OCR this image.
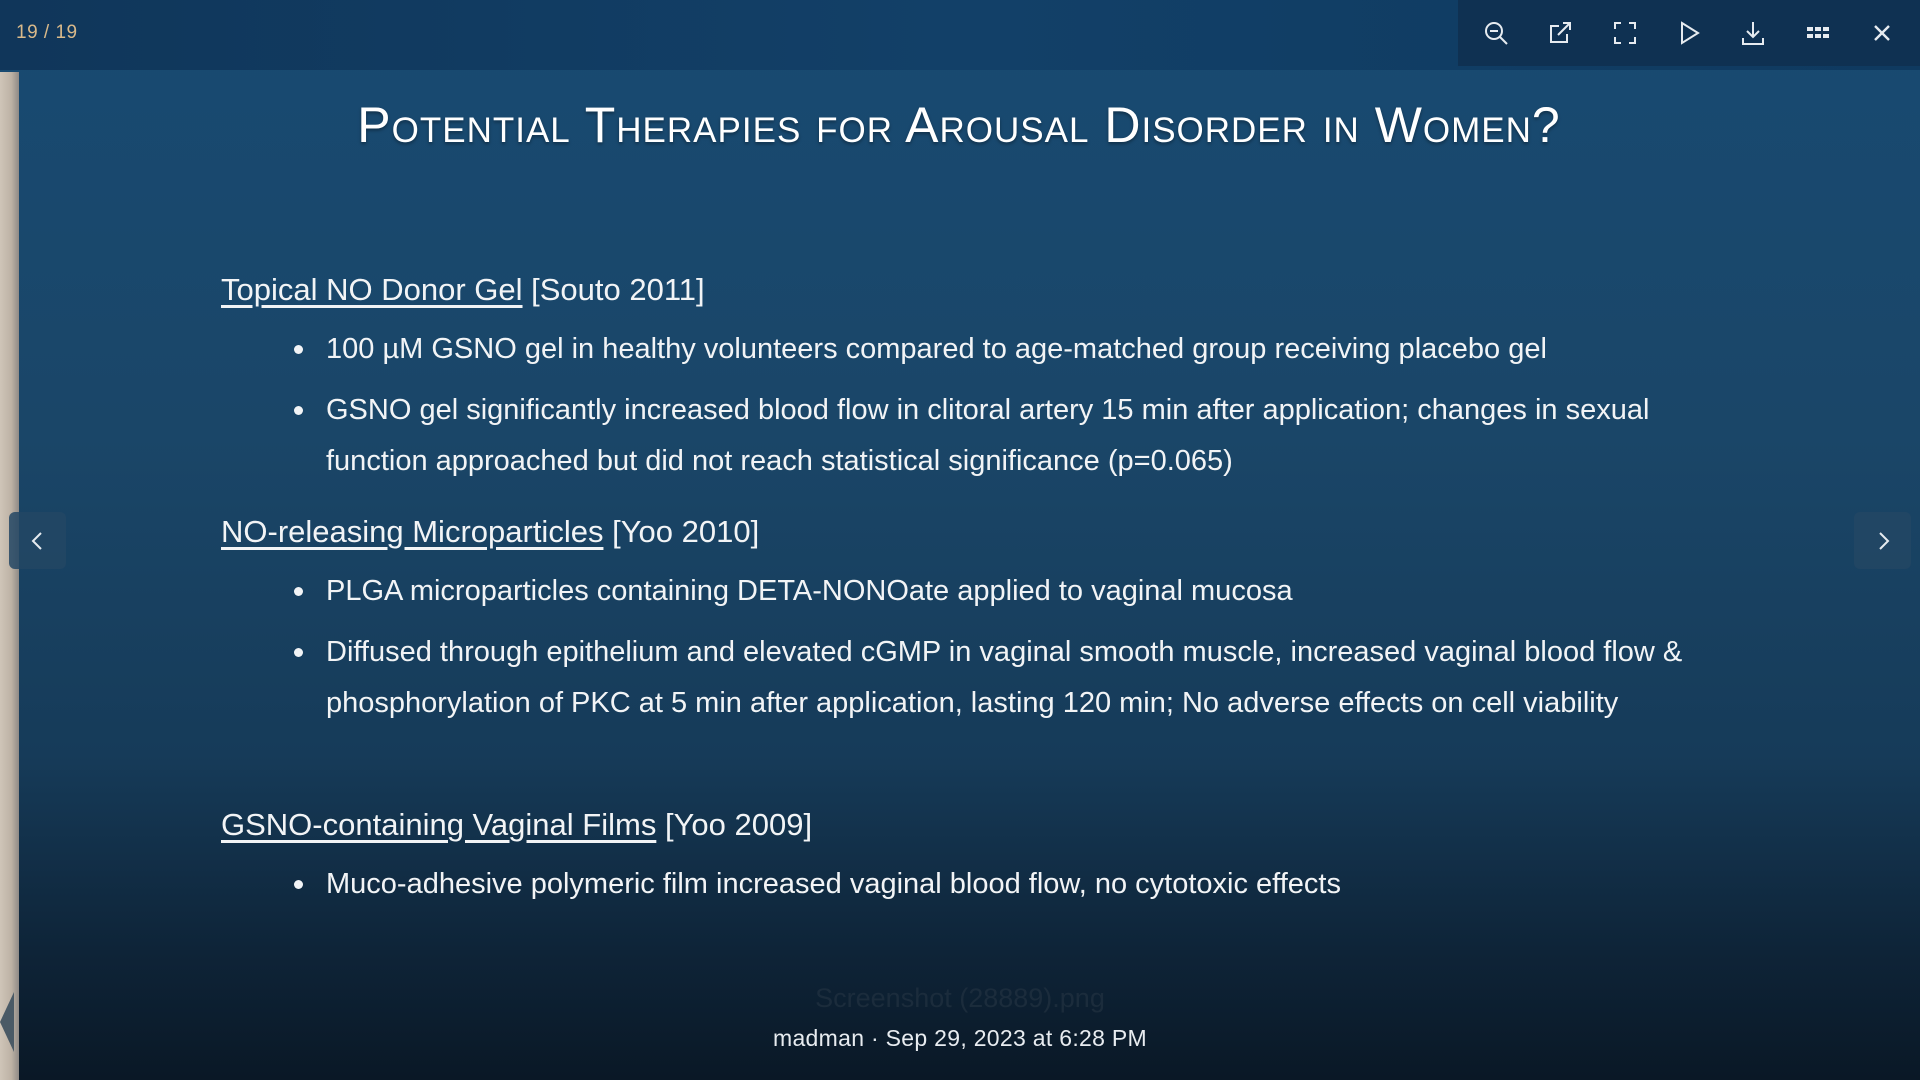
19 / 19
Potential Therapies for Arousal Disorder in Women?
Topical NO Donor Gel [Souto 2011]
100 µM GSNO gel in healthy volunteers compared to age-matched group receiving placebo gel
GSNO gel significantly increased blood flow in clitoral artery 15 min after application; changes in sexual function approached but did not reach statistical significance (p=0.065)
NO-releasing Microparticles [Yoo 2010]
PLGA microparticles containing DETA-NONOate applied to vaginal mucosa
Diffused through epithelium and elevated cGMP in vaginal smooth muscle, increased vaginal blood flow & phosphorylation of PKC at 5 min after application, lasting 120 min; No adverse effects on cell viability
GSNO-containing Vaginal Films [Yoo 2009]
Muco-adhesive polymeric film increased vaginal blood flow, no cytotoxic effects
Screenshot (28889).png
madman · Sep 29, 2023 at 6:28 PM
